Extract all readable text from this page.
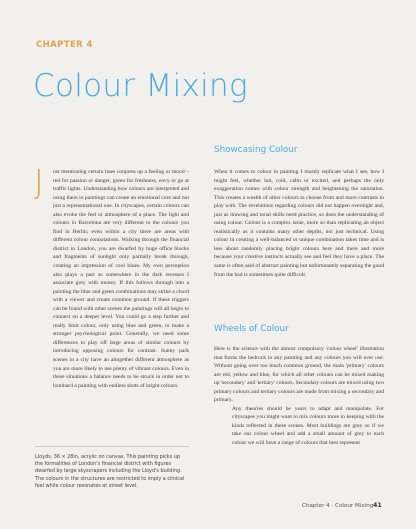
CHAPTER 4
Colour Mixing
J ust mentioning certain hues conjures up a feeling or mood – red for passion or danger, green for freshness, envy or go at traffic lights. Understanding how colours are interpreted and using them in paintings can create an emotional core and not just a representational one. In cityscapes, certain colours can also evoke the feel or atmosphere of a place. The light and colours in Barcelona are very different to the colours you find in Berlin; even within a city there are areas with different colour connotations. Walking through the financial district in London, you are dwarfed by huge office blocks and fragments of sunlight only partially break through, creating an impression of cool blues. My own perception also plays a part as somewhere in the dark recesses I associate grey with money. If this follows through into a painting the blue and green combinations may strike a chord with a viewer and create common ground. If these triggers can be found with other scenes the paintings will all begin to connect on a deeper level. You could go a step further and really limit colour, only using blue and green, to make a stronger psychological point. Generally, we need some differences to play off large areas of similar colours by introducing opposing colours for contrast. Sunny park scenes in a city have an altogether different atmosphere as you are more likely to use plenty of vibrant colours. Even in these situations a balance needs to be struck in order not to bombard a painting with endless shots of bright colours.

Lloyds, 36 × 28in, acrylic on canvas. This painting picks up the formalities of London's financial district with figures dwarfed by large skyscrapers including the Lloyd's building. The colours in the structures are restricted to imply a clinical feel while colour resonates at street level.
Showcasing Colour

When it comes to colour in painting I mostly replicate what I see, how I might feel, whether hot, cold, calm or excited, and perhaps the only exaggeration comes with colour strength and heightening the saturation. This creates a wealth of other colours to choose from and more contrasts to play with. The revelations regarding colours did not happen overnight and, just as drawing and tonal skills need practice, so does the understanding of using colour. Colour is a complex issue, more so than replicating an object realistically as it contains many other depths, not just technical. Using colour in creating a well-balanced or unique combination takes time and is less about randomly placing bright colours here and there and more because your creative instincts actually see and feel they have a place. The same is often said of abstract painting but unfortunately separating the good from the bad is sometimes quite difficult.

Wheels of Colour

Here is the science with the almost compulsory 'colour wheel' illustration that forms the bedrock to any painting and any colours you will ever use. Without going over too much common ground, the main 'primary' colours are red, yellow and blue, for which all other colours can be mixed making up 'secondary' and 'tertiary' colours. Secondary colours are mixed using two primary colours and tertiary colours are made from mixing a secondary and primary.

Any theories should be years to adapt and manipulate. For cityscapes you might want to mix colours more in keeping with the kinds reflected in these scenes. Most buildings are grey so if we take our colour wheel and add a small amount of grey to each colour we will have a range of colours that best represent

Chapter 4 · Colour Mixing 41
